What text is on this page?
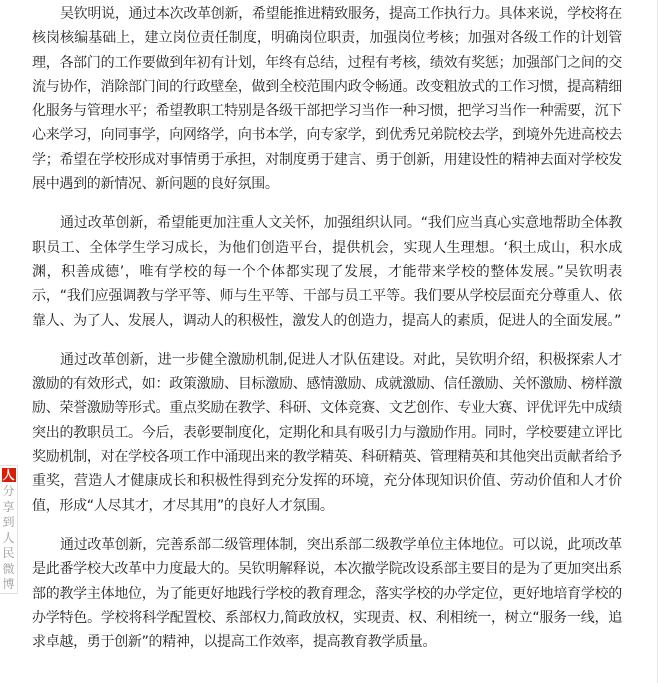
吴钦明说，通过本次改革创新，希望能推进精致服务，提高工作执行力。具体来说，学校将在核岗核编基础上，建立岗位责任制度，明确岗位职责，加强岗位考核；加强对各级工作的计划管理，各部门的工作要做到年初有计划，年终有总结，过程有考核，绩效有奖惩；加强部门之间的交流与协作，消除部门间的行政壁垒，做到全校范围内政令畅通。改变粗放式的工作习惯，提高精细化服务与管理水平；希望教职工特别是各级干部把学习当作一种习惯，把学习当作一种需要，沉下心来学习，向同事学，向网络学，向书本学，向专家学，到优秀兄弟院校去学，到境外先进高校去学；希望在学校形成对事情勇于承担，对制度勇于建言、勇于创新，用建设性的精神去面对学校发展中遇到的新情况、新问题的良好氛围。

通过改革创新，希望能更加注重人文关怀，加强组织认同。“我们应当真心实意地帮助全体教职员工、全体学生学习成长，为他们创造平台，提供机会，实现人生理想。‘积土成山，积水成渊，积善成德’，唯有学校的每一个个体都实现了发展，才能带来学校的整体发展。”吴钦明表示，“我们应强调教与学平等、师与生平等、干部与员工平等。我们要从学校层面充分尊重人、依靠人、为了人、发展人，调动人的积极性，激发人的创造力，提高人的素质，促进人的全面发展。”

通过改革创新，进一步健全激励机制,促进人才队伍建设。对此，吴钦明介绍，积极探索人才激励的有效形式，如：政策激励、目标激励、感情激励、成就激励、信任激励、关怀激励、榜样激励、荣誉激励等形式。重点奖励在教学、科研、文体竞赛、文艺创作、专业大赛、评优评先中成绩突出的教职员工。今后，表彰要制度化，定期化和具有吸引力与激励作用。同时，学校要建立评比奖励机制，对在学校各项工作中涌现出来的教学精英、科研精英、管理精英和其他突出贡献者给予重奖，营造人才健康成长和积极性得到充分发挥的环境，充分体现知识价值、劳动价值和人才价值，形成“人尽其才，才尽其用”的良好人才氛围。

通过改革创新，完善系部二级管理体制，突出系部二级教学单位主体地位。可以说，此项改革是此番学校大改革中力度最大的。吴钦明解释说，本次撤学院改设系部主要目的是为了更加突出系部的教学主体地位，为了能更好地践行学校的教育理念，落实学校的办学定位，更好地培育学校的办学特色。学校将科学配置校、系部权力,简政放权，实现责、权、利相统一，树立“服务一线，追求卓越，勇于创新”的精神，以提高工作效率，提高教育教学质量。

人
分享到人民微博
